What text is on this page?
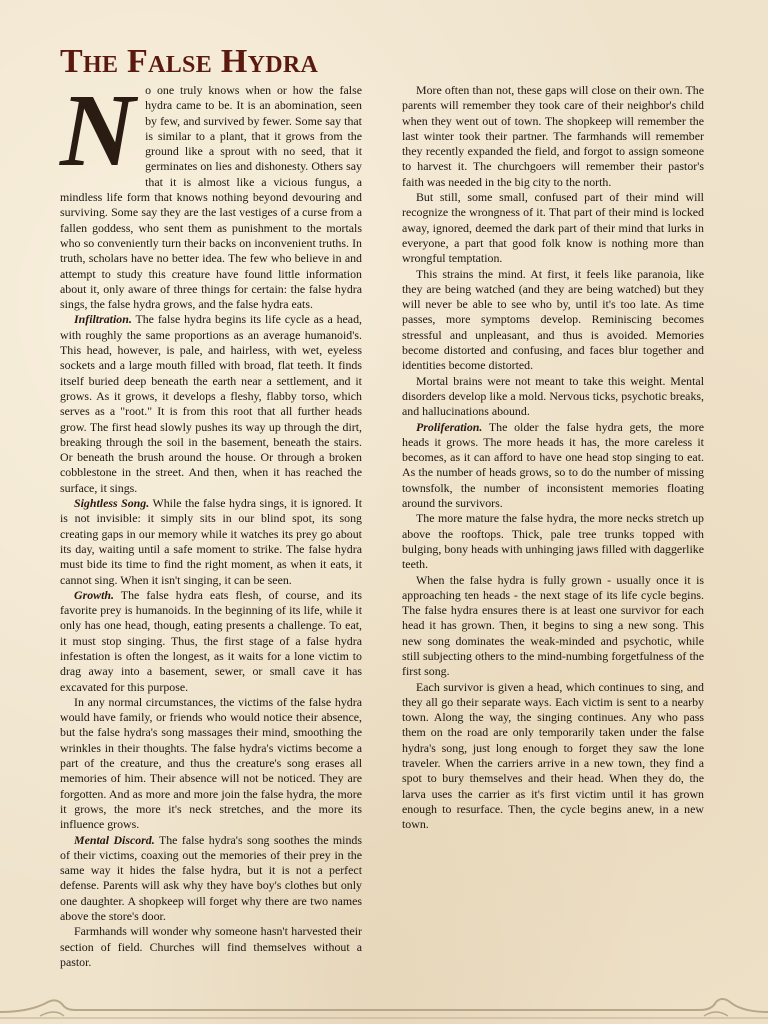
The False Hydra

No one truly knows when or how the false hydra came to be. It is an abomination, seen by few, and survived by fewer. Some say that is similar to a plant, that it grows from the ground like a sprout with no seed, that it germinates on lies and dishonesty. Others say that it is almost like a vicious fungus, a mindless life form that knows nothing beyond devouring and surviving. Some say they are the last vestiges of a curse from a fallen goddess, who sent them as punishment to the mortals who so conveniently turn their backs on inconvenient truths. In truth, scholars have no better idea. The few who believe in and attempt to study this creature have found little information about it, only aware of three things for certain: the false hydra sings, the false hydra grows, and the false hydra eats.

Infiltration. The false hydra begins its life cycle as a head, with roughly the same proportions as an average humanoid's. This head, however, is pale, and hairless, with wet, eyeless sockets and a large mouth filled with broad, flat teeth. It finds itself buried deep beneath the earth near a settlement, and it grows. As it grows, it develops a fleshy, flabby torso, which serves as a "root." It is from this root that all further heads grow. The first head slowly pushes its way up through the dirt, breaking through the soil in the basement, beneath the stairs. Or beneath the brush around the house. Or through a broken cobblestone in the street. And then, when it has reached the surface, it sings.

Sightless Song. While the false hydra sings, it is ignored. It is not invisible: it simply sits in our blind spot, its song creating gaps in our memory while it watches its prey go about its day, waiting until a safe moment to strike. The false hydra must bide its time to find the right moment, as when it eats, it cannot sing. When it isn't singing, it can be seen.

Growth. The false hydra eats flesh, of course, and its favorite prey is humanoids. In the beginning of its life, while it only has one head, though, eating presents a challenge. To eat, it must stop singing. Thus, the first stage of a false hydra infestation is often the longest, as it waits for a lone victim to drag away into a basement, sewer, or small cave it has excavated for this purpose.

In any normal circumstances, the victims of the false hydra would have family, or friends who would notice their absence, but the false hydra's song massages their mind, smoothing the wrinkles in their thoughts. The false hydra's victims become a part of the creature, and thus the creature's song erases all memories of him. Their absence will not be noticed. They are forgotten. And as more and more join the false hydra, the more it grows, the more it's neck stretches, and the more its influence grows.

Mental Discord. The false hydra's song soothes the minds of their victims, coaxing out the memories of their prey in the same way it hides the false hydra, but it is not a perfect defense. Parents will ask why they have boy's clothes but only one daughter. A shopkeep will forget why there are two names above the store's door.

Farmhands will wonder why someone hasn't harvested their section of field. Churches will find themselves without a pastor.

More often than not, these gaps will close on their own. The parents will remember they took care of their neighbor's child when they went out of town. The shopkeep will remember the last winter took their partner. The farmhands will remember they recently expanded the field, and forgot to assign someone to harvest it. The churchgoers will remember their pastor's faith was needed in the big city to the north.

But still, some small, confused part of their mind will recognize the wrongness of it. That part of their mind is locked away, ignored, deemed the dark part of their mind that lurks in everyone, a part that good folk know is nothing more than wrongful temptation.

This strains the mind. At first, it feels like paranoia, like they are being watched (and they are being watched) but they will never be able to see who by, until it's too late. As time passes, more symptoms develop. Reminiscing becomes stressful and unpleasant, and thus is avoided. Memories become distorted and confusing, and faces blur together and identities become distorted.

Mortal brains were not meant to take this weight. Mental disorders develop like a mold. Nervous ticks, psychotic breaks, and hallucinations abound.

Proliferation. The older the false hydra gets, the more heads it grows. The more heads it has, the more careless it becomes, as it can afford to have one head stop singing to eat. As the number of heads grows, so to do the number of missing townsfolk, the number of inconsistent memories floating around the survivors.

The more mature the false hydra, the more necks stretch up above the rooftops. Thick, pale tree trunks topped with bulging, bony heads with unhinging jaws filled with daggerlike teeth.

When the false hydra is fully grown - usually once it is approaching ten heads - the next stage of its life cycle begins. The false hydra ensures there is at least one survivor for each head it has grown. Then, it begins to sing a new song. This new song dominates the weak-minded and psychotic, while still subjecting others to the mind-numbing forgetfulness of the first song.

Each survivor is given a head, which continues to sing, and they all go their separate ways. Each victim is sent to a nearby town. Along the way, the singing continues. Any who pass them on the road are only temporarily taken under the false hydra's song, just long enough to forget they saw the lone traveler. When the carriers arrive in a new town, they find a spot to bury themselves and their head. When they do, the larva uses the carrier as it's first victim until it has grown enough to resurface. Then, the cycle begins anew, in a new town.
